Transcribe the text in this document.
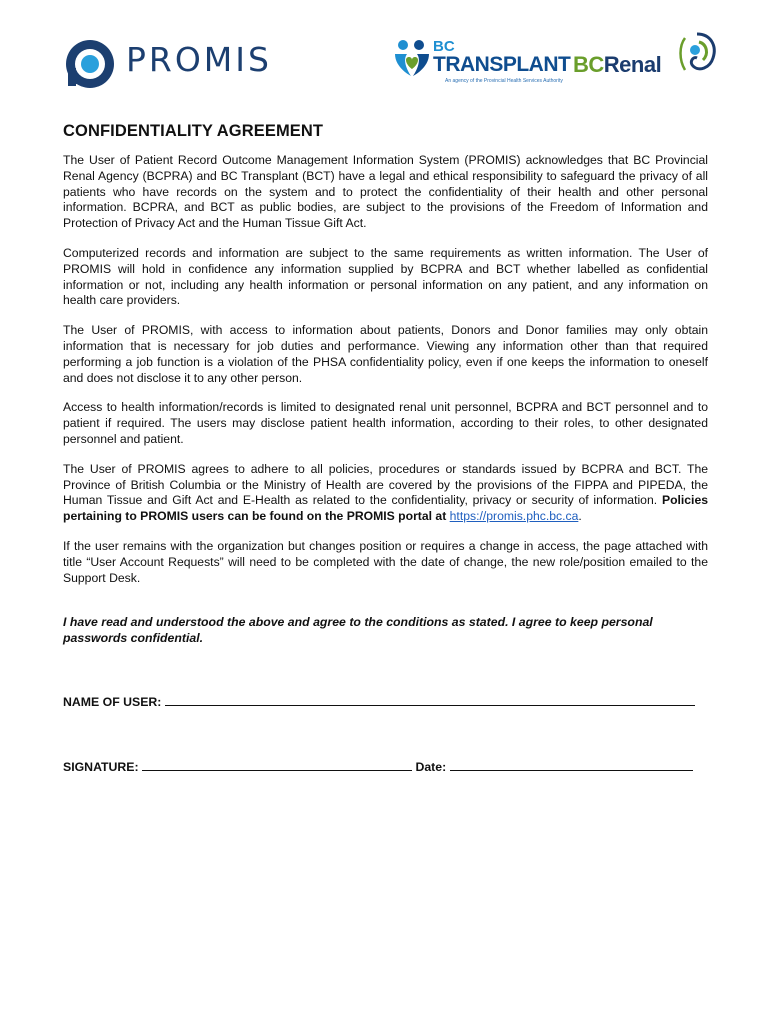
PROMIS	BC
TRANSPLANT
An agency of the Provincial Health Services Authority
BCRenal
CONFIDENTIALITY AGREEMENT

The User of Patient Record Outcome Management Information System (PROMIS) acknowledges that BC Provincial Renal Agency (BCPRA) and BC Transplant (BCT) have a legal and ethical responsibility to safeguard the privacy of all patients who have records on the system and to protect the confidentiality of their health and other personal information. BCPRA, and BCT as public bodies, are subject to the provisions of the Freedom of Information and Protection of Privacy Act and the Human Tissue Gift Act.

Computerized records and information are subject to the same requirements as written information. The User of PROMIS will hold in confidence any information supplied by BCPRA and BCT whether labelled as confidential information or not, including any health information or personal information on any patient, and any information on health care providers.

The User of PROMIS, with access to information about patients, Donors and Donor families may only obtain information that is necessary for job duties and performance. Viewing any information other than that required performing a job function is a violation of the PHSA confidentiality policy, even if one keeps the information to oneself and does not disclose it to any other person.

Access to health information/records is limited to designated renal unit personnel, BCPRA and BCT personnel and to patient if required. The users may disclose patient health information, according to their roles, to other designated personnel and patient.

The User of PROMIS agrees to adhere to all policies, procedures or standards issued by BCPRA and BCT. The Province of British Columbia or the Ministry of Health are covered by the provisions of the FIPPA and PIPEDA, the Human Tissue and Gift Act and E-Health as related to the confidentiality, privacy or security of information. Policies pertaining to PROMIS users can be found on the PROMIS portal at https://promis.phc.bc.ca.

If the user remains with the organization but changes position or requires a change in access, the page attached with title “User Account Requests” will need to be completed with the date of change, the new role/position emailed to the Support Desk.

I have read and understood the above and agree to the conditions as stated. I agree to keep personal passwords confidential.

NAME OF USER:
SIGNATURE:	Date:
